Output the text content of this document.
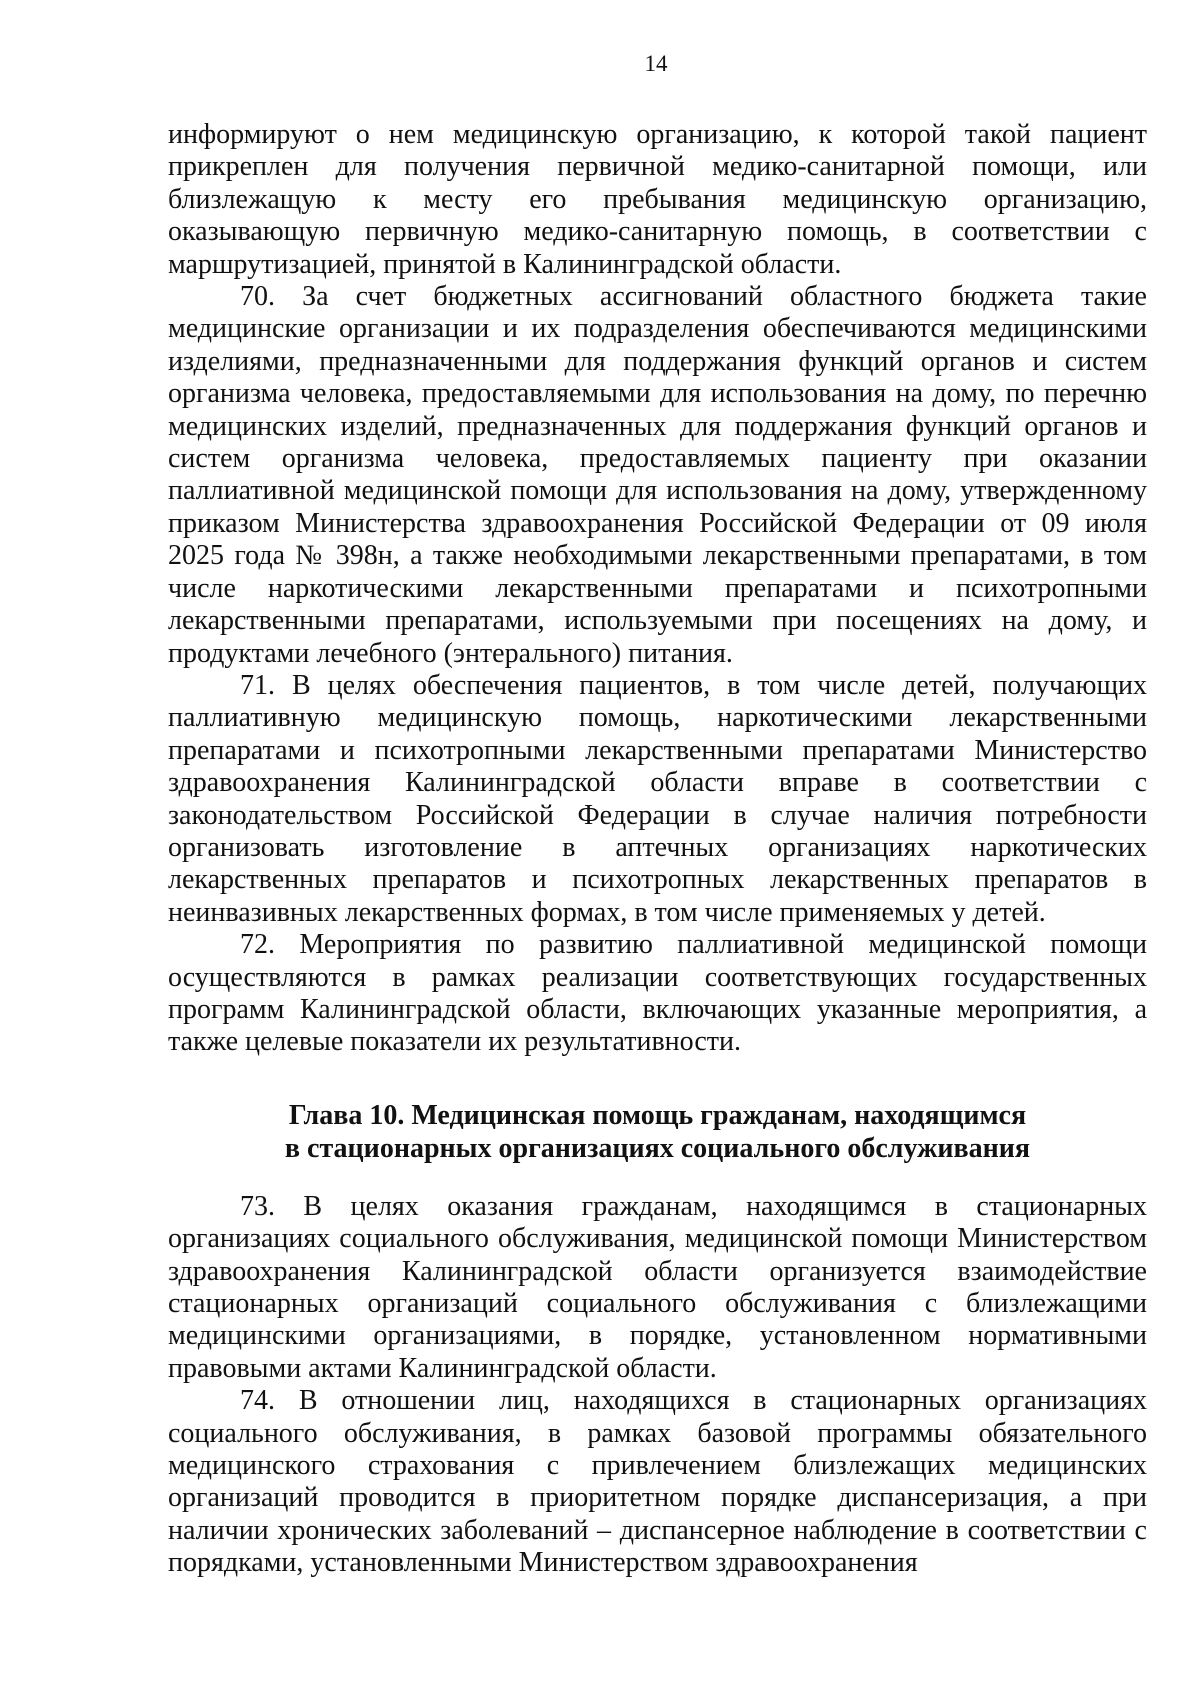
14

информируют о нем медицинскую организацию, к которой такой пациент прикреплен для получения первичной медико-санитарной помощи, или близлежащую к месту его пребывания медицинскую организацию, оказывающую первичную медико-санитарную помощь, в соответствии с маршрутизацией, принятой в Калининградской области.

70. За счет бюджетных ассигнований областного бюджета такие медицинские организации и их подразделения обеспечиваются медицинскими изделиями, предназначенными для поддержания функций органов и систем организма человека, предоставляемыми для использования на дому, по перечню медицинских изделий, предназначенных для поддержания функций органов и систем организма человека, предоставляемых пациенту при оказании паллиативной медицинской помощи для использования на дому, утвержденному приказом Министерства здравоохранения Российской Федерации от 09 июля 2025 года № 398н, а также необходимыми лекарственными препаратами, в том числе наркотическими лекарственными препаратами и психотропными лекарственными препаратами, используемыми при посещениях на дому, и продуктами лечебного (энтерального) питания.

71. В целях обеспечения пациентов, в том числе детей, получающих паллиативную медицинскую помощь, наркотическими лекарственными препаратами и психотропными лекарственными препаратами Министерство здравоохранения Калининградской области вправе в соответствии с законодательством Российской Федерации в случае наличия потребности организовать изготовление в аптечных организациях наркотических лекарственных препаратов и психотропных лекарственных препаратов в неинвазивных лекарственных формах, в том числе применяемых у детей.

72. Мероприятия по развитию паллиативной медицинской помощи осуществляются в рамках реализации соответствующих государственных программ Калининградской области, включающих указанные мероприятия, а также целевые показатели их результативности.

Глава 10. Медицинская помощь гражданам, находящимся
в стационарных организациях социального обслуживания

73. В целях оказания гражданам, находящимся в стационарных организациях социального обслуживания, медицинской помощи Министерством здравоохранения Калининградской области организуется взаимодействие стационарных организаций социального обслуживания с близлежащими медицинскими организациями, в порядке, установленном нормативными правовыми актами Калининградской области.

74. В отношении лиц, находящихся в стационарных организациях социального обслуживания, в рамках базовой программы обязательного медицинского страхования с привлечением близлежащих медицинских организаций проводится в приоритетном порядке диспансеризация, а при наличии хронических заболеваний – диспансерное наблюдение в соответствии с порядками, установленными Министерством здравоохранения
